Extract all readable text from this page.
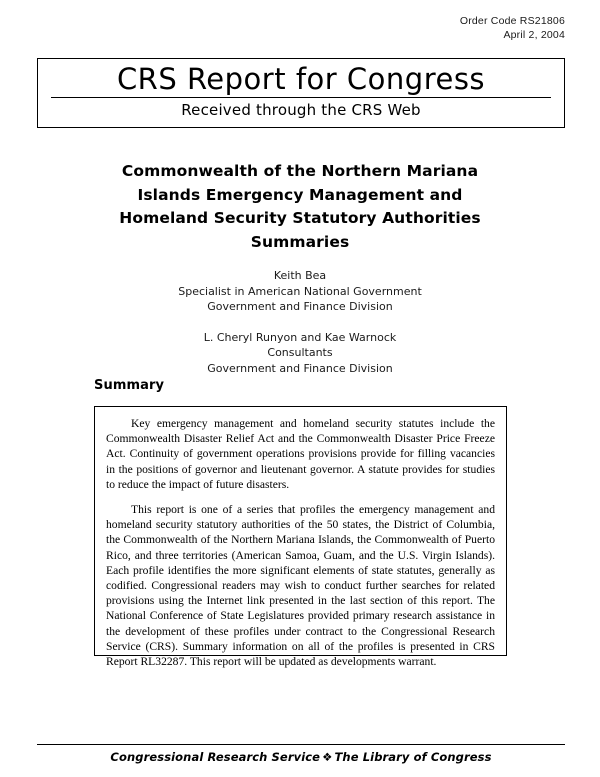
Order Code RS21806
April 2, 2004
CRS Report for Congress
Received through the CRS Web
Commonwealth of the Northern Mariana
Islands Emergency Management and
Homeland Security Statutory Authorities
Summaries
Keith Bea
Specialist in American National Government
Government and Finance Division
L. Cheryl Runyon and Kae Warnock
Consultants
Government and Finance Division
Summary

Key emergency management and homeland security statutes include the Commonwealth Disaster Relief Act and the Commonwealth Disaster Price Freeze Act. Continuity of government operations provisions provide for filling vacancies in the positions of governor and lieutenant governor. A statute provides for studies to reduce the impact of future disasters.

This report is one of a series that profiles the emergency management and homeland security statutory authorities of the 50 states, the District of Columbia, the Commonwealth of the Northern Mariana Islands, the Commonwealth of Puerto Rico, and three territories (American Samoa, Guam, and the U.S. Virgin Islands). Each profile identifies the more significant elements of state statutes, generally as codified. Congressional readers may wish to conduct further searches for related provisions using the Internet link presented in the last section of this report. The National Conference of State Legislatures provided primary research assistance in the development of these profiles under contract to the Congressional Research Service (CRS). Summary information on all of the profiles is presented in CRS Report RL32287. This report will be updated as developments warrant.

Congressional Research Service ❖ The Library of Congress
